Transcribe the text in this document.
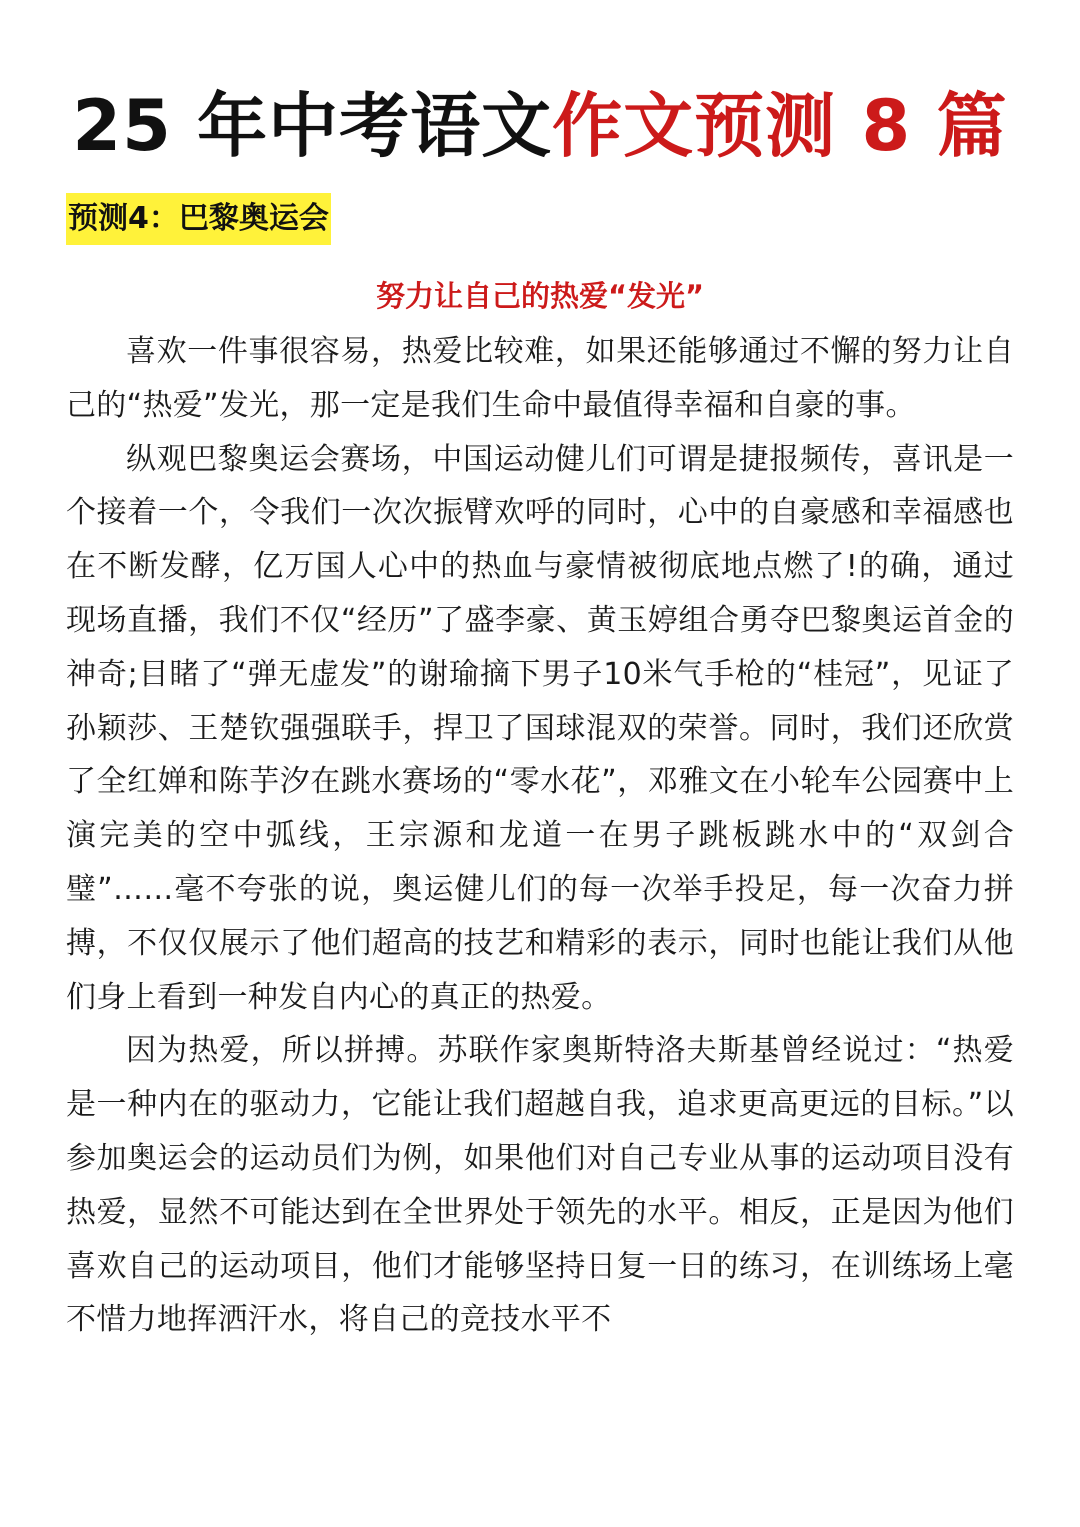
25 年中考语文作文预测 8 篇
预测4：巴黎奥运会
努力让自己的热爱“发光”

喜欢一件事很容易，热爱比较难，如果还能够通过不懈的努力让自己的“热爱”发光，那一定是我们生命中最值得幸福和自豪的事。

纵观巴黎奥运会赛场，中国运动健儿们可谓是捷报频传，喜讯是一个接着一个，令我们一次次振臂欢呼的同时，心中的自豪感和幸福感也在不断发酵，亿万国人心中的热血与豪情被彻底地点燃了!的确，通过现场直播，我们不仅“经历”了盛李豪、黄玉婷组合勇夺巴黎奥运首金的神奇;目睹了“弹无虚发”的谢瑜摘下男子10米气手枪的“桂冠”，见证了孙颖莎、王楚钦强强联手，捍卫了国球混双的荣誉。同时，我们还欣赏了全红婵和陈芋汐在跳水赛场的“零水花”，邓雅文在小轮车公园赛中上演完美的空中弧线，王宗源和龙道一在男子跳板跳水中的“双剑合璧”……毫不夸张的说，奥运健儿们的每一次举手投足，每一次奋力拼搏，不仅仅展示了他们超高的技艺和精彩的表示，同时也能让我们从他们身上看到一种发自内心的真正的热爱。

因为热爱，所以拼搏。苏联作家奥斯特洛夫斯基曾经说过：“热爱是一种内在的驱动力，它能让我们超越自我，追求更高更远的目标。”以参加奥运会的运动员们为例，如果他们对自己专业从事的运动项目没有热爱，显然不可能达到在全世界处于领先的水平。相反，正是因为他们喜欢自己的运动项目，他们才能够坚持日复一日的练习，在训练场上毫不惜力地挥洒汗水，将自己的竞技水平不
